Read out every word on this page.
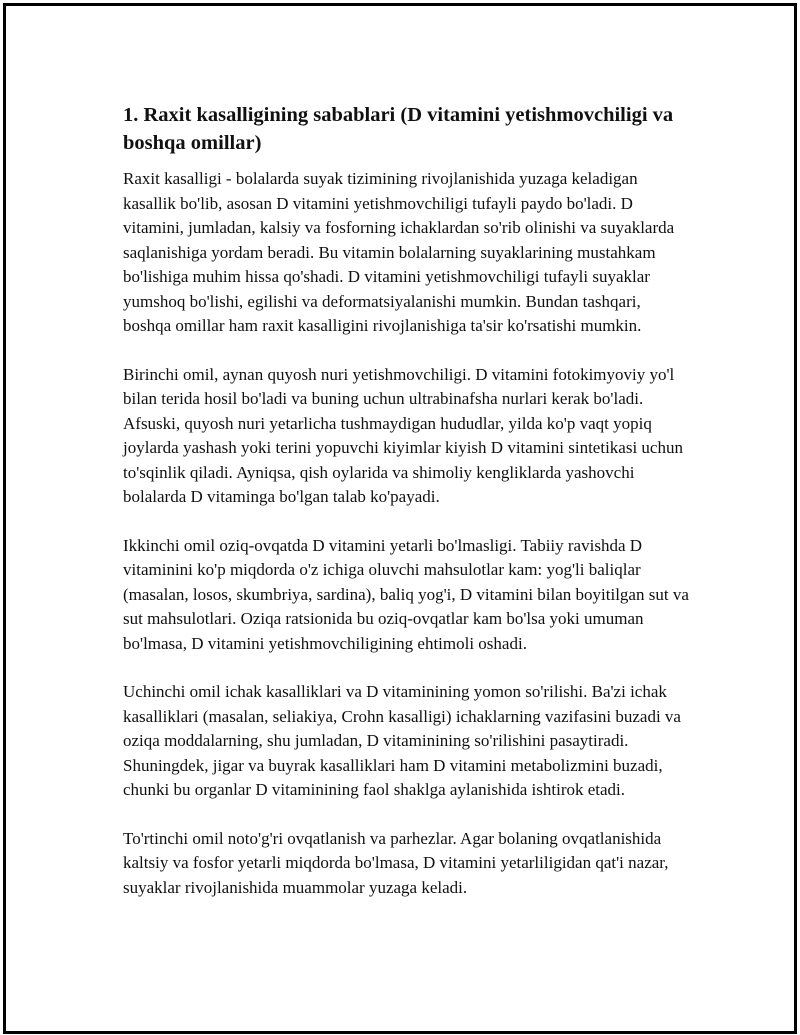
1. Raxit kasalligining sabablari (D vitamini yetishmovchiligi va boshqa omillar)

Raxit kasalligi - bolalarda suyak tizimining rivojlanishida yuzaga keladigan kasallik bo'lib, asosan D vitamini yetishmovchiligi tufayli paydo bo'ladi. D vitamini, jumladan, kalsiy va fosforning ichaklardan so'rib olinishi va suyaklarda saqlanishiga yordam beradi. Bu vitamin bolalarning suyaklarining mustahkam bo'lishiga muhim hissa qo'shadi. D vitamini yetishmovchiligi tufayli suyaklar yumshoq bo'lishi, egilishi va deformatsiyalanishi mumkin. Bundan tashqari, boshqa omillar ham raxit kasalligini rivojlanishiga ta'sir ko'rsatishi mumkin.

Birinchi omil, aynan quyosh nuri yetishmovchiligi. D vitamini fotokimyoviy yo'l bilan terida hosil bo'ladi va buning uchun ultrabinafsha nurlari kerak bo'ladi. Afsuski, quyosh nuri yetarlicha tushmaydigan hududlar, yilda ko'p vaqt yopiq joylarda yashash yoki terini yopuvchi kiyimlar kiyish D vitamini sintetikasi uchun to'sqinlik qiladi. Ayniqsa, qish oylarida va shimoliy kengliklarda yashovchi bolalarda D vitaminga bo'lgan talab ko'payadi.

Ikkinchi omil oziq-ovqatda D vitamini yetarli bo'lmasligi. Tabiiy ravishda D vitaminini ko'p miqdorda o'z ichiga oluvchi mahsulotlar kam: yog'li baliqlar (masalan, losos, skumbriya, sardina), baliq yog'i, D vitamini bilan boyitilgan sut va sut mahsulotlari. Oziqa ratsionida bu oziq-ovqatlar kam bo'lsa yoki umuman bo'lmasa, D vitamini yetishmovchiligining ehtimoli oshadi.

Uchinchi omil ichak kasalliklari va D vitaminining yomon so'rilishi. Ba'zi ichak kasalliklari (masalan, seliakiya, Crohn kasalligi) ichaklarning vazifasini buzadi va oziqa moddalarning, shu jumladan, D vitaminining so'rilishini pasaytiradi. Shuningdek, jigar va buyrak kasalliklari ham D vitamini metabolizmini buzadi, chunki bu organlar D vitaminining faol shaklga aylanishida ishtirok etadi.

To'rtinchi omil noto'g'ri ovqatlanish va parhezlar. Agar bolaning ovqatlanishida kaltsiy va fosfor yetarli miqdorda bo'lmasa, D vitamini yetarliligidan qat'i nazar, suyaklar rivojlanishida muammolar yuzaga keladi.
